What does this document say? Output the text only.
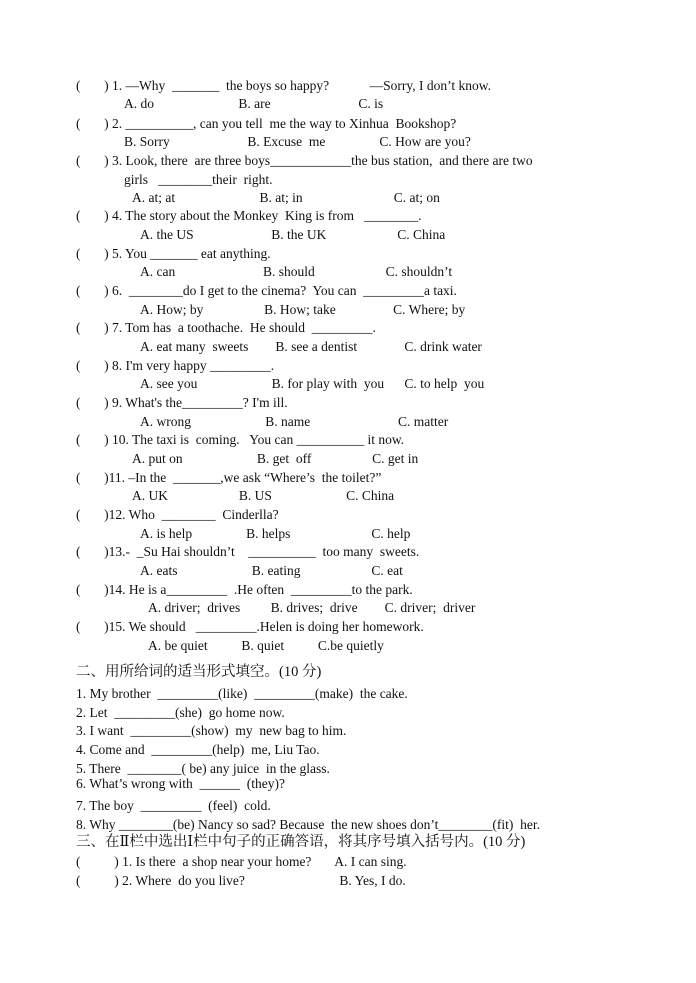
(       ) 1. —Why  _______  the boys so happy?            —Sorry, I don’t know.
A. do                         B. are                          C. is
(       ) 2. __________, can you tell  me the way to Xinhua  Bookshop?
B. Sorry                       B. Excuse  me                C. How are you?
(       ) 3. Look, there  are three boys____________the bus station,  and there are two
girls   ________their  right.
A. at; at                         B. at; in                           C. at; on
(       ) 4. The story about the Monkey  King is from   ________.
A. the US                       B. the UK                     C. China
(       ) 5. You _______ eat anything.
A. can                          B. should                     C. shouldn’t
(       ) 6.  ________do I get to the cinema?  You can  _________a taxi.
A. How; by                  B. How; take                 C. Where; by
(       ) 7. Tom has  a toothache.  He should  _________.
A. eat many  sweets        B. see a dentist              C. drink water
(       ) 8. I'm very happy _________.
A. see you                      B. for play with  you      C. to help  you
(       ) 9. What's the_________? I'm ill.
A. wrong                      B. name                          C. matter
(       ) 10. The taxi is  coming.   You can __________ it now.
A. put on                      B. get  off                  C. get in
(       )11. –In the  _______,we ask “Where’s  the toilet?”
A. UK                     B. US                      C. China
(       )12. Who  ________  Cinderlla?
A. is help                B. helps                        C. help
(       )13.-  _Su Hai shouldn’t    __________  too many  sweets.
A. eats                      B. eating                     C. eat
(       )14. He is a_________  .He often  _________to the park.
A. driver;  drives         B. drives;  drive        C. driver;  driver
(       )15. We should   _________.Helen is doing her homework.
A. be quiet          B. quiet          C.be quietly
二、用所给词的适当形式填空。(10 分)
1. My brother  _________(like)  _________(make)  the cake.
2. Let  _________(she)  go home now.
3. I want  _________(show)  my  new bag to him.
4. Come and  _________(help)  me, Liu Tao.
5. There  ________( be) any juice  in the glass.
6. What’s wrong with  ______  (they)?
7. The boy  _________  (feel)  cold.
8. Why ________(be) Nancy so sad? Because  the new shoes don’t________(fit)  her.
三、在Ⅱ栏中选出Ⅰ栏中句子的正确答语，将其序号填入括号内。(10 分)
(          ) 1. Is there  a shop near your home?       A. I can sing.
(          ) 2. Where  do you live?                            B. Yes, I do.
